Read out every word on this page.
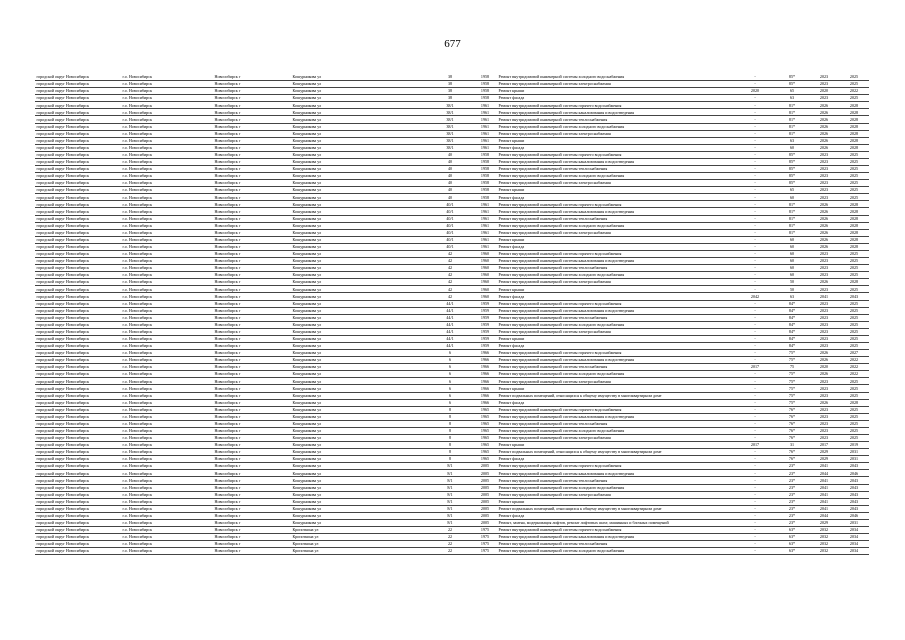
677
городской округ Новосибирск	г.о. Новосибирск	Новосибирск г	Кошурникова ул	38	1958	Ремонт внутридомовой инженерной системы холодного водоснабжения	-	85*	2023	2025
городской округ Новосибирск	г.о. Новосибирск	Новосибирск г	Кошурникова ул	38	1958	Ремонт внутридомовой инженерной системы электроснабжения	-	85*	2023	2025
городской округ Новосибирск	г.о. Новосибирск	Новосибирск г	Кошурникова ул	38	1958	Ремонт крыши	2020	65	2020	2022
городской округ Новосибирск	г.о. Новосибирск	Новосибирск г	Кошурникова ул	38	1958	Ремонт фасада	-	63	2023	2025
городской округ Новосибирск	г.о. Новосибирск	Новосибирск г	Кошурникова ул	38/1	1961	Ремонт внутридомовой инженерной системы горячего водоснабжения	-	81*	2026	2028
городской округ Новосибирск	г.о. Новосибирск	Новосибирск г	Кошурникова ул	38/1	1961	Ремонт внутридомовой инженерной системы канализования и водоотведения	-	81*	2026	2028
городской округ Новосибирск	г.о. Новосибирск	Новосибирск г	Кошурникова ул	38/1	1961	Ремонт внутридомовой инженерной системы теплоснабжения	-	81*	2026	2028
городской округ Новосибирск	г.о. Новосибирск	Новосибирск г	Кошурникова ул	38/1	1961	Ремонт внутридомовой инженерной системы холодного водоснабжения	-	81*	2026	2028
городской округ Новосибирск	г.о. Новосибирск	Новосибирск г	Кошурникова ул	38/1	1961	Ремонт внутридомовой инженерной системы электроснабжения	-	81*	2026	2028
городской округ Новосибирск	г.о. Новосибирск	Новосибирск г	Кошурникова ул	38/1	1961	Ремонт крыши	-	63	2026	2028
городской округ Новосибирск	г.о. Новосибирск	Новосибирск г	Кошурникова ул	38/1	1961	Ремонт фасада	-	60	2026	2028
городской округ Новосибирск	г.о. Новосибирск	Новосибирск г	Кошурникова ул	40	1958	Ремонт внутридомовой инженерной системы горячего водоснабжения	-	85*	2023	2025
городской округ Новосибирск	г.о. Новосибирск	Новосибирск г	Кошурникова ул	40	1958	Ремонт внутридомовой инженерной системы канализования и водоотведения	-	85*	2023	2025
городской округ Новосибирск	г.о. Новосибирск	Новосибирск г	Кошурникова ул	40	1958	Ремонт внутридомовой инженерной системы теплоснабжения	-	85*	2023	2025
городской округ Новосибирск	г.о. Новосибирск	Новосибирск г	Кошурникова ул	40	1958	Ремонт внутридомовой инженерной системы холодного водоснабжения	-	85*	2023	2025
городской округ Новосибирск	г.о. Новосибирск	Новосибирск г	Кошурникова ул	40	1958	Ремонт внутридомовой инженерной системы электроснабжения	-	85*	2023	2025
городской округ Новосибирск	г.о. Новосибирск	Новосибирск г	Кошурникова ул	40	1958	Ремонт крыши	-	65	2023	2025
городской округ Новосибирск	г.о. Новосибирск	Новосибирск г	Кошурникова ул	40	1958	Ремонт фасада	-	60	2023	2025
городской округ Новосибирск	г.о. Новосибирск	Новосибирск г	Кошурникова ул	40/1	1961	Ремонт внутридомовой инженерной системы горячего водоснабжения	-	81*	2026	2028
городской округ Новосибирск	г.о. Новосибирск	Новосибирск г	Кошурникова ул	40/1	1961	Ремонт внутридомовой инженерной системы канализования и водоотведения	-	81*	2026	2028
городской округ Новосибирск	г.о. Новосибирск	Новосибирск г	Кошурникова ул	40/1	1961	Ремонт внутридомовой инженерной системы теплоснабжения	-	81*	2026	2028
городской округ Новосибирск	г.о. Новосибирск	Новосибирск г	Кошурникова ул	40/1	1961	Ремонт внутридомовой инженерной системы холодного водоснабжения	-	81*	2026	2028
городской округ Новосибирск	г.о. Новосибирск	Новосибирск г	Кошурникова ул	40/1	1961	Ремонт внутридомовой инженерной системы электроснабжения	-	81*	2026	2028
городской округ Новосибирск	г.о. Новосибирск	Новосибирск г	Кошурникова ул	40/1	1961	Ремонт крыши	-	60	2026	2028
городской округ Новосибирск	г.о. Новосибирск	Новосибирск г	Кошурникова ул	40/1	1961	Ремонт фасада	-	60	2026	2028
городской округ Новосибирск	г.о. Новосибирск	Новосибирск г	Кошурникова ул	42	1960	Ремонт внутридомовой инженерной системы горячего водоснабжения	-	60	2023	2025
городской округ Новосибирск	г.о. Новосибирск	Новосибирск г	Кошурникова ул	42	1960	Ремонт внутридомовой инженерной системы канализования и водоотведения	-	60	2023	2025
городской округ Новосибирск	г.о. Новосибирск	Новосибирск г	Кошурникова ул	42	1960	Ремонт внутридомовой инженерной системы теплоснабжения	-	60	2023	2025
городской округ Новосибирск	г.о. Новосибирск	Новосибирск г	Кошурникова ул	42	1960	Ремонт внутридомовой инженерной системы холодного водоснабжения	-	60	2023	2025
городской округ Новосибирск	г.о. Новосибирск	Новосибирск г	Кошурникова ул	42	1960	Ремонт внутридомовой инженерной системы электроснабжения	-	50	2026	2028
городской округ Новосибирск	г.о. Новосибирск	Новосибирск г	Кошурникова ул	42	1960	Ремонт крыши	-	50	2023	2025
городской округ Новосибирск	г.о. Новосибирск	Новосибирск г	Кошурникова ул	42	1960	Ремонт фасада	2042	63	2041	2043
городской округ Новосибирск	г.о. Новосибирск	Новосибирск г	Кошурникова ул	44/1	1959	Ремонт внутридомовой инженерной системы горячего водоснабжения	-	84*	2023	2025
городской округ Новосибирск	г.о. Новосибирск	Новосибирск г	Кошурникова ул	44/1	1959	Ремонт внутридомовой инженерной системы канализования и водоотведения	-	84*	2023	2025
городской округ Новосибирск	г.о. Новосибирск	Новосибирск г	Кошурникова ул	44/1	1959	Ремонт внутридомовой инженерной системы теплоснабжения	-	84*	2023	2025
городской округ Новосибирск	г.о. Новосибирск	Новосибирск г	Кошурникова ул	44/1	1959	Ремонт внутридомовой инженерной системы холодного водоснабжения	-	84*	2023	2025
городской округ Новосибирск	г.о. Новосибирск	Новосибирск г	Кошурникова ул	44/1	1959	Ремонт внутридомовой инженерной системы электроснабжения	-	84*	2023	2025
городской округ Новосибирск	г.о. Новосибирск	Новосибирск г	Кошурникова ул	44/1	1959	Ремонт крыши	-	84*	2023	2025
городской округ Новосибирск	г.о. Новосибирск	Новосибирск г	Кошурникова ул	44/1	1959	Ремонт фасада	-	84*	2023	2025
городской округ Новосибирск	г.о. Новосибирск	Новосибирск г	Кошурникова ул	6	1966	Ремонт внутридомовой инженерной системы горячего водоснабжения	-	75*	2026	2027
городской округ Новосибирск	г.о. Новосибирск	Новосибирск г	Кошурникова ул	6	1966	Ремонт внутридомовой инженерной системы канализования и водоотведения	-	75*	2026	2022
городской округ Новосибирск	г.о. Новосибирск	Новосибирск г	Кошурникова ул	6	1966	Ремонт внутридомовой инженерной системы теплоснабжения	2017	75	2020	2022
городской округ Новосибирск	г.о. Новосибирск	Новосибирск г	Кошурникова ул	6	1966	Ремонт внутридомовой инженерной системы холодного водоснабжения	-	75*	2026	2022
городской округ Новосибирск	г.о. Новосибирск	Новосибирск г	Кошурникова ул	6	1966	Ремонт внутридомовой инженерной системы электроснабжения	-	75*	2023	2025
городской округ Новосибирск	г.о. Новосибирск	Новосибирск г	Кошурникова ул	6	1966	Ремонт крыши	-	75*	2023	2025
городской округ Новосибирск	г.о. Новосибирск	Новосибирск г	Кошурникова ул	6	1966	Ремонт подвальных помещений, относящихся к общему имуществу в многоквартирном доме	-	75*	2023	2025
городской округ Новосибирск	г.о. Новосибирск	Новосибирск г	Кошурникова ул	6	1966	Ремонт фасада	-	75*	2026	2028
городской округ Новосибирск	г.о. Новосибирск	Новосибирск г	Кошурникова ул	8	1965	Ремонт внутридомовой инженерной системы горячего водоснабжения	-	76*	2023	2025
городской округ Новосибирск	г.о. Новосибирск	Новосибирск г	Кошурникова ул	8	1965	Ремонт внутридомовой инженерной системы канализования и водоотведения	-	76*	2023	2025
городской округ Новосибирск	г.о. Новосибирск	Новосибирск г	Кошурникова ул	8	1965	Ремонт внутридомовой инженерной системы теплоснабжения	-	76*	2023	2025
городской округ Новосибирск	г.о. Новосибирск	Новосибирск г	Кошурникова ул	8	1965	Ремонт внутридомовой инженерной системы холодного водоснабжения	-	76*	2023	2025
городской округ Новосибирск	г.о. Новосибирск	Новосибирск г	Кошурникова ул	8	1965	Ремонт внутридомовой инженерной системы электроснабжения	-	76*	2023	2025
городской округ Новосибирск	г.о. Новосибирск	Новосибирск г	Кошурникова ул	8	1965	Ремонт крыши	2017	31	2017	2019
городской округ Новосибирск	г.о. Новосибирск	Новосибирск г	Кошурникова ул	8	1965	Ремонт подвальных помещений, относящихся к общему имуществу в многоквартирном доме	-	76*	2029	2031
городской округ Новосибирск	г.о. Новосибирск	Новосибирск г	Кошурникова ул	8	1965	Ремонт фасада	-	76*	2029	2031
городской округ Новосибирск	г.о. Новосибирск	Новосибирск г	Кошурникова ул	8/1	2005	Ремонт внутридомовой инженерной системы горячего водоснабжения	-	23*	2041	2043
городской округ Новосибирск	г.о. Новосибирск	Новосибирск г	Кошурникова ул	8/1	2005	Ремонт внутридомовой инженерной системы канализования и водоотведения	-	23*	2044	2046
городской округ Новосибирск	г.о. Новосибирск	Новосибирск г	Кошурникова ул	8/1	2005	Ремонт внутридомовой инженерной системы теплоснабжения	-	23*	2041	2043
городской округ Новосибирск	г.о. Новосибирск	Новосибирск г	Кошурникова ул	8/1	2005	Ремонт внутридомовой инженерной системы холодного водоснабжения	-	23*	2041	2043
городской округ Новосибирск	г.о. Новосибирск	Новосибирск г	Кошурникова ул	8/1	2005	Ремонт внутридомовой инженерной системы электроснабжения	-	23*	2041	2043
городской округ Новосибирск	г.о. Новосибирск	Новосибирск г	Кошурникова ул	8/1	2005	Ремонт крыши	-	23*	2041	2043
городской округ Новосибирск	г.о. Новосибирск	Новосибирск г	Кошурникова ул	8/1	2005	Ремонт подвальных помещений, относящихся к общему имуществу в многоквартирном доме	-	23*	2041	2043
городской округ Новосибирск	г.о. Новосибирск	Новосибирск г	Кошурникова ул	8/1	2005	Ремонт фасада	-	23*	2044	2046
городской округ Новосибирск	г.о. Новосибирск	Новосибирск г	Кошурникова ул	8/1	2005	Ремонт, замена, модернизация лифтов, ремонт лифтовых шахт, машинных и блочных помещений	-	23*	2029	2031
городской округ Новосибирск	г.о. Новосибирск	Новосибирск г	Кропоткина ул	22	1975	Ремонт внутридомовой инженерной системы горячего водоснабжения	-	63*	2032	2034
городской округ Новосибирск	г.о. Новосибирск	Новосибирск г	Кропоткина ул	22	1975	Ремонт внутридомовой инженерной системы канализования и водоотведения	-	63*	2032	2034
городской округ Новосибирск	г.о. Новосибирск	Новосибирск г	Кропоткина ул	22	1975	Ремонт внутридомовой инженерной системы теплоснабжения	-	63*	2032	2034
городской округ Новосибирск	г.о. Новосибирск	Новосибирск г	Кропоткина ул	22	1975	Ремонт внутридомовой инженерной системы холодного водоснабжения	-	63*	2032	2034
